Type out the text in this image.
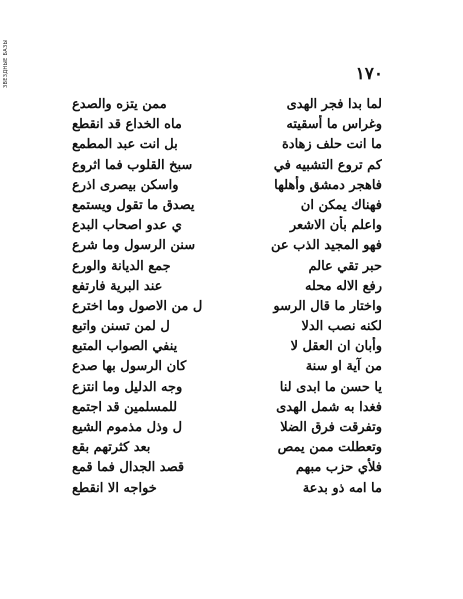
ЗВЕЗДНЫЕ БАЗЫ	١٧٠
لما بدا فجر الهدى
ممن يتزه والصدع
وغراس ما أسقيته
ماه الخداع قد انقطع
ما انت حلف زهادة
بل انت عبد المطمع
كم تروع التشبيه في
سبخ القلوب فما اثروع
فاهجر دمشق وأهلها
واسكن بيصرى اذرع
فهناك يمكن ان
يصدق ما تقول ويستمع
واعلم بأن الاشعر
ي عدو اصحاب البدع
فهو المجيد الذب عن
سنن الرسول وما شرع
حبر تقي عالم
جمع الديانة والورع
رفع الاله محله
عند البرية فارتفع
واختار ما قال الرسو
ل من الاصول وما اخترع
لكنه نصب الدلا
ل لمن تسنن واتبع
وأبان ان العقل لا
ينفي الصواب المتبع
من آية او سنة
كان الرسول بها صدع
يا حسن ما ابدى لنا
وجه الدليل وما انتزع
فغدا به شمل الهدى
للمسلمين قد اجتمع
وتفرقت فرق الضلا
ل وذل مذموم الشيع
وتعطلت ممن يمص
بعد كثرتهم بقع
فلأي حزب مبهم
قصد الجدال فما قمع
ما امه ذو بدعة
خواجه الا انقطع
